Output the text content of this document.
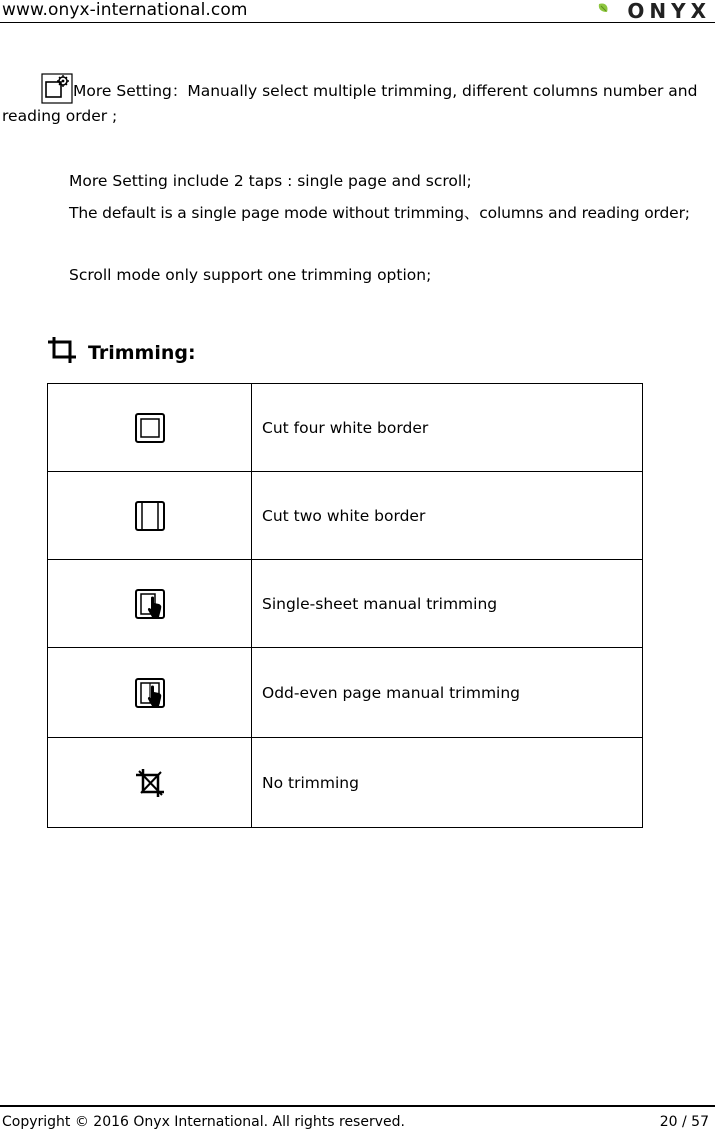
www.onyx-international.com	ONYX
More Setting：Manually select multiple trimming, different columns number and
reading order ;
More Setting include 2 taps : single page and scroll;
The default is a single page mode without trimming、columns and reading order;
Scroll mode only support one trimming option;
Trimming:
	Cut four white border
	Cut two white border
	Single-sheet manual trimming
	Odd-even page manual trimming
	No trimming
Copyright © 2016 Onyx International. All rights reserved.	20 / 57
